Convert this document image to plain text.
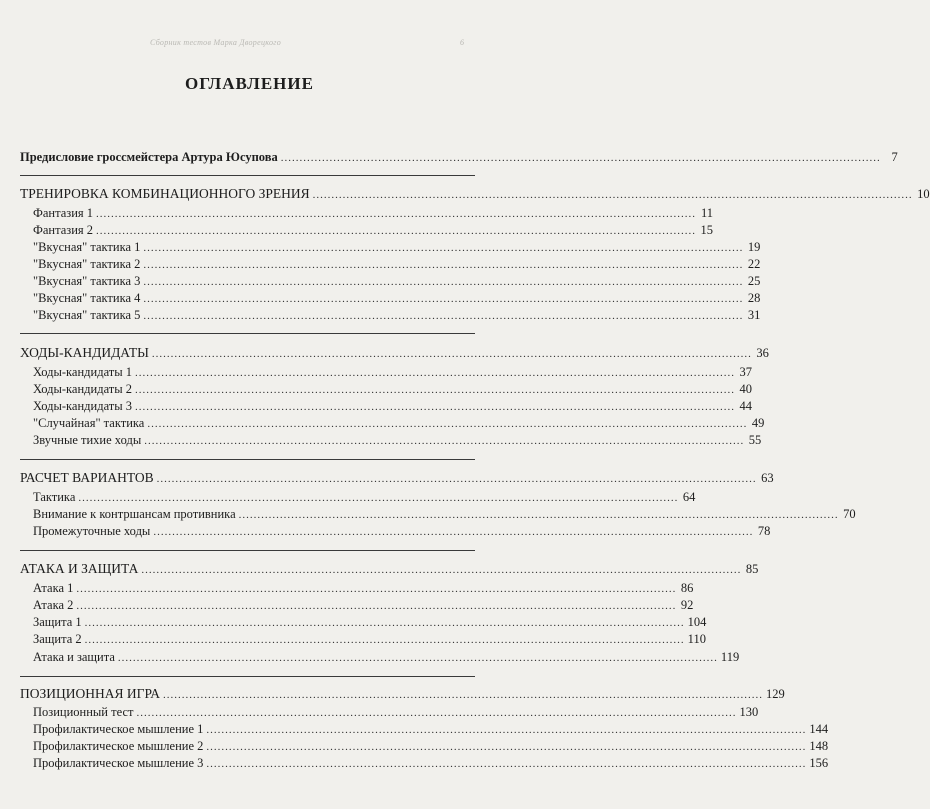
Сборник тестов Марка Дворецкого	6
ОГЛАВЛЕНИЕ
Предисловие гроссмейстера Артура Юсупова ................................................................................................................................................................ 7
ТРЕНИРОВКА КОМБИНАЦИОННОГО ЗРЕНИЯ ................................................................................................................................................................ 10
Фантазия 1 ................................................................................................................................................................ 11
Фантазия 2 ................................................................................................................................................................ 15
"Вкусная" тактика 1 ................................................................................................................................................................ 19
"Вкусная" тактика 2 ................................................................................................................................................................ 22
"Вкусная" тактика 3 ................................................................................................................................................................ 25
"Вкусная" тактика 4 ................................................................................................................................................................ 28
"Вкусная" тактика 5 ................................................................................................................................................................ 31
ХОДЫ-КАНДИДАТЫ ................................................................................................................................................................ 36
Ходы-кандидаты 1 ................................................................................................................................................................ 37
Ходы-кандидаты 2 ................................................................................................................................................................ 40
Ходы-кандидаты 3 ................................................................................................................................................................ 44
"Случайная" тактика ................................................................................................................................................................ 49
Звучные тихие ходы ................................................................................................................................................................ 55
РАСЧЕТ ВАРИАНТОВ ................................................................................................................................................................ 63
Тактика ................................................................................................................................................................ 64
Внимание к контршансам противника ................................................................................................................................................................ 70
Промежуточные ходы ................................................................................................................................................................ 78
АТАКА И ЗАЩИТА ................................................................................................................................................................ 85
Атака 1 ................................................................................................................................................................ 86
Атака 2 ................................................................................................................................................................ 92
Защита 1 ................................................................................................................................................................ 104
Защита 2 ................................................................................................................................................................ 110
Атака и защита ................................................................................................................................................................ 119
ПОЗИЦИОННАЯ ИГРА ................................................................................................................................................................ 129
Позиционный тест ................................................................................................................................................................ 130
Профилактическое мышление 1 ................................................................................................................................................................ 144
Профилактическое мышление 2 ................................................................................................................................................................ 148
Профилактическое мышление 3 ................................................................................................................................................................ 156
